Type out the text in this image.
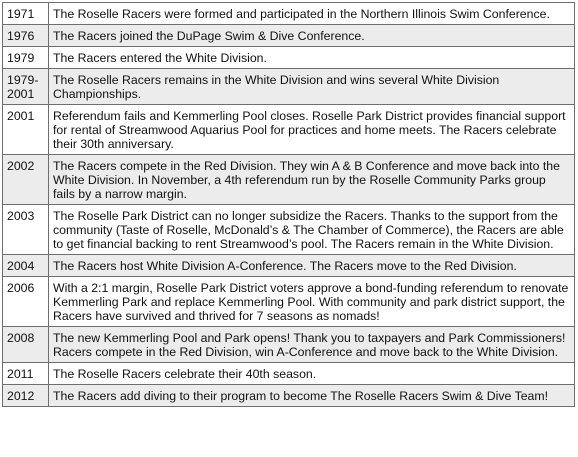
1971	The Roselle Racers were formed and participated in the Northern Illinois Swim Conference.
1976	The Racers joined the DuPage Swim & Dive Conference.
1979	The Racers entered the White Division.
1979-2001	The Roselle Racers remains in the White Division and wins several White Division Championships.
2001	Referendum fails and Kemmerling Pool closes. Roselle Park District provides financial support for rental of Streamwood Aquarius Pool for practices and home meets. The Racers celebrate their 30th anniversary.
2002	The Racers compete in the Red Division. They win A & B Conference and move back into the White Division. In November, a 4th referendum run by the Roselle Community Parks group fails by a narrow margin.
2003	The Roselle Park District can no longer subsidize the Racers. Thanks to the support from the community (Taste of Roselle, McDonald’s & The Chamber of Commerce), the Racers are able to get financial backing to rent Streamwood’s pool. The Racers remain in the White Division.
2004	The Racers host White Division A-Conference. The Racers move to the Red Division.
2006	With a 2:1 margin, Roselle Park District voters approve a bond-funding referendum to renovate Kemmerling Park and replace Kemmerling Pool. With community and park district support, the Racers have survived and thrived for 7 seasons as nomads!
2008	The new Kemmerling Pool and Park opens! Thank you to taxpayers and Park Commissioners! Racers compete in the Red Division, win A-Conference and move back to the White Division.
2011	The Roselle Racers celebrate their 40th season.
2012	The Racers add diving to their program to become The Roselle Racers Swim & Dive Team!
